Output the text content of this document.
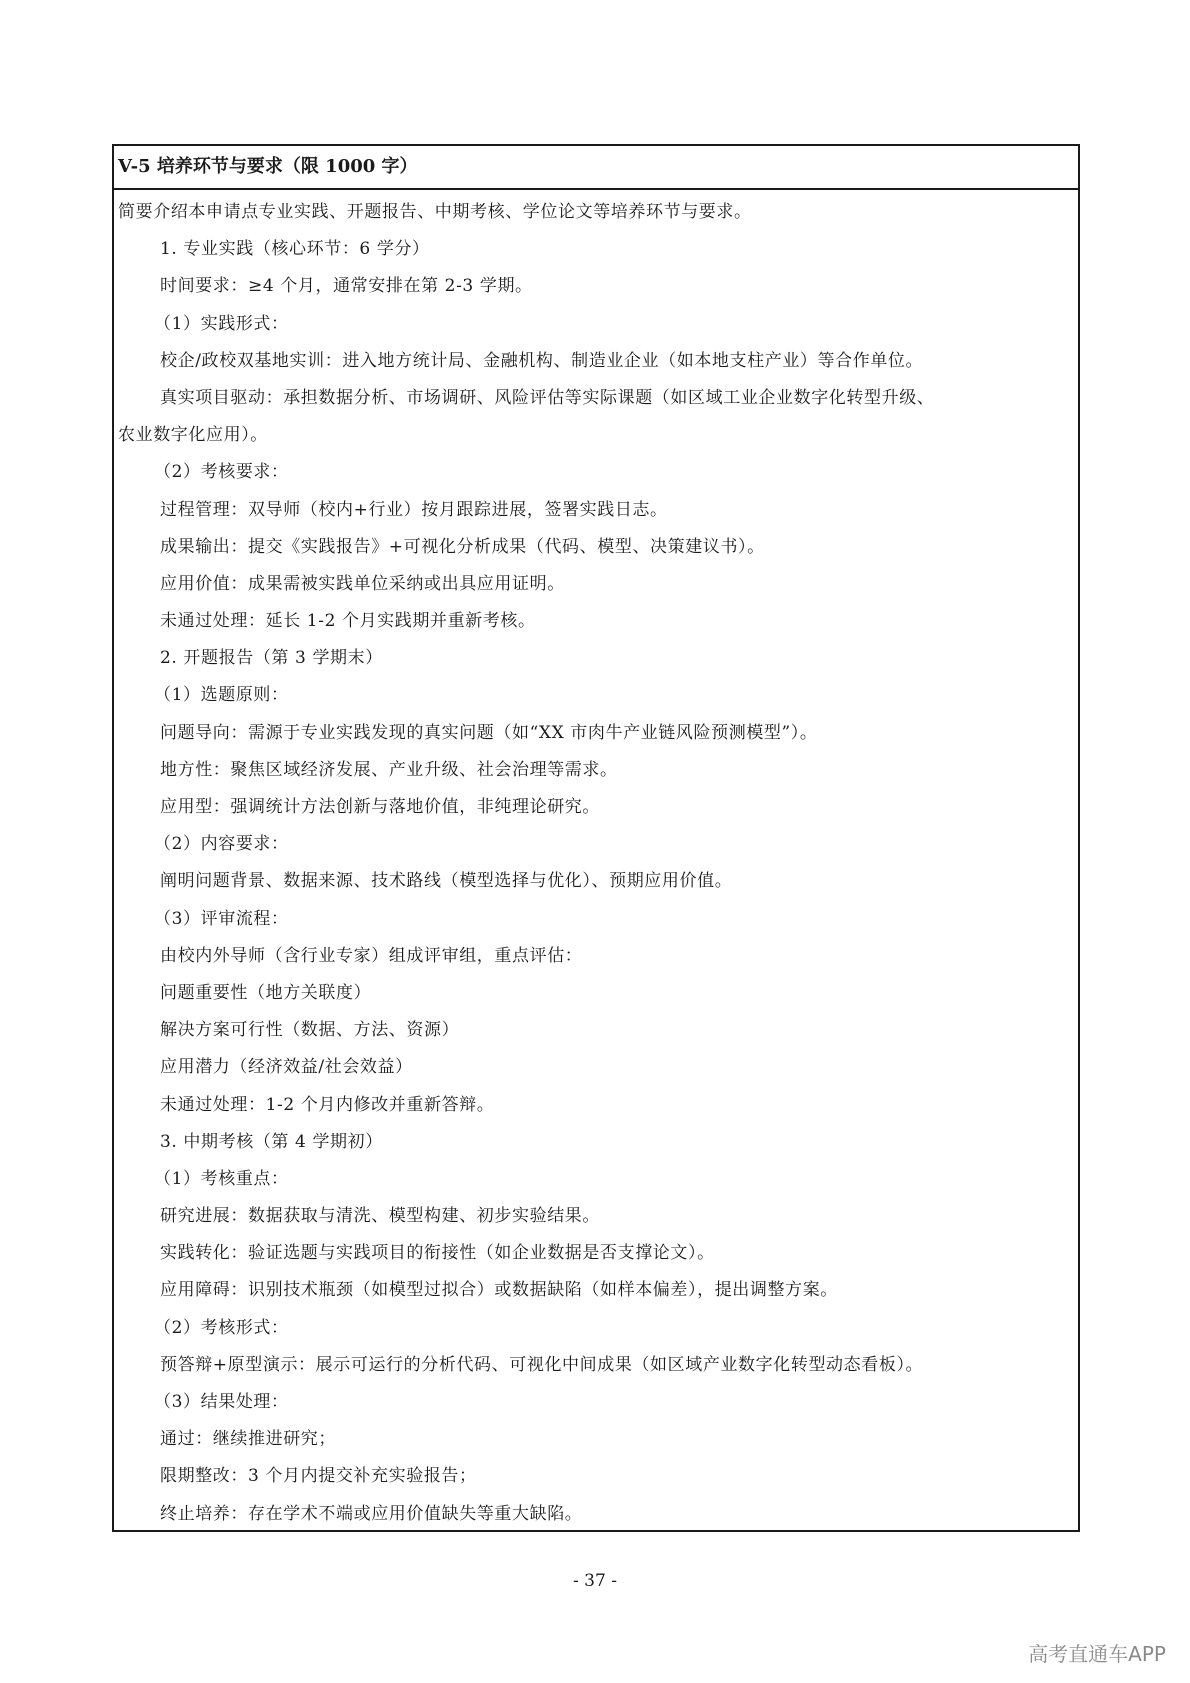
V-5 培养环节与要求（限 1000 字）
简要介绍本申请点专业实践、开题报告、中期考核、学位论文等培养环节与要求。
1. 专业实践（核心环节：6 学分）
时间要求：≥4 个月，通常安排在第 2-3 学期。
（1）实践形式：
校企/政校双基地实训：进入地方统计局、金融机构、制造业企业（如本地支柱产业）等合作单位。
真实项目驱动：承担数据分析、市场调研、风险评估等实际课题（如区域工业企业数字化转型升级、
农业数字化应用）。
（2）考核要求：
过程管理：双导师（校内+行业）按月跟踪进展，签署实践日志。
成果输出：提交《实践报告》+可视化分析成果（代码、模型、决策建议书）。
应用价值：成果需被实践单位采纳或出具应用证明。
未通过处理：延长 1-2 个月实践期并重新考核。
2. 开题报告（第 3 学期末）
（1）选题原则：
问题导向：需源于专业实践发现的真实问题（如“XX 市肉牛产业链风险预测模型”）。
地方性：聚焦区域经济发展、产业升级、社会治理等需求。
应用型：强调统计方法创新与落地价值，非纯理论研究。
（2）内容要求：
阐明问题背景、数据来源、技术路线（模型选择与优化）、预期应用价值。
（3）评审流程：
由校内外导师（含行业专家）组成评审组，重点评估：
问题重要性（地方关联度）
解决方案可行性（数据、方法、资源）
应用潜力（经济效益/社会效益）
未通过处理：1-2 个月内修改并重新答辩。
3. 中期考核（第 4 学期初）
（1）考核重点：
研究进展：数据获取与清洗、模型构建、初步实验结果。
实践转化：验证选题与实践项目的衔接性（如企业数据是否支撑论文）。
应用障碍：识别技术瓶颈（如模型过拟合）或数据缺陷（如样本偏差），提出调整方案。
（2）考核形式：
预答辩+原型演示：展示可运行的分析代码、可视化中间成果（如区域产业数字化转型动态看板）。
（3）结果处理：
通过：继续推进研究；
限期整改：3 个月内提交补充实验报告；
终止培养：存在学术不端或应用价值缺失等重大缺陷。
- 37 -
高考直通车APP
